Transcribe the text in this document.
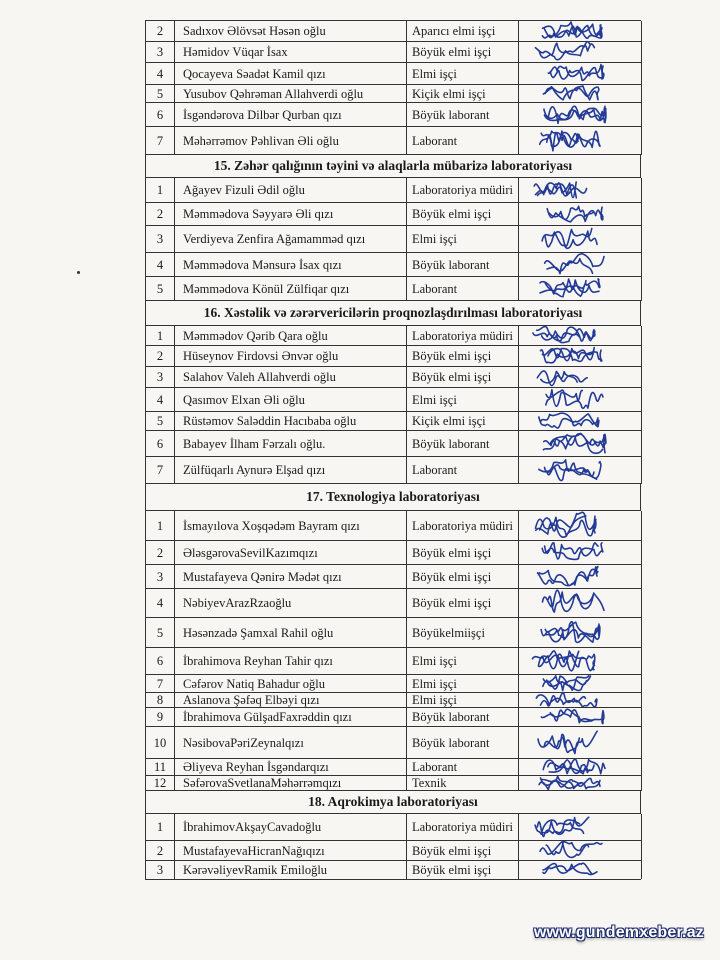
2	Sadıxov Əlövsət Həsən oğlu	Aparıcı elmi işçi
3	Həmidov Vüqar İsax	Böyük elmi işçi
4	Qocayeva Səadət Kamil qızı	Elmi işçi
5	Yusubov Qəhrəman Allahverdi oğlu	Kiçik elmi işçi
6	İsgəndərova Dilbər Qurban qızı	Böyük laborant
7	Məhərrəmov Pəhlivan Əli oğlu	Laborant
15. Zəhər qalığının təyini və alaqlarla mübarizə laboratoriyası
1	Ağayev Fizuli Ədil oğlu	Laboratoriya müdiri
2	Məmmədova Səyyarə Əli qızı	Böyük elmi işçi
3	Verdiyeva Zenfira Ağamamməd qızı	Elmi işçi
4	Məmmədova Mənsurə İsax qızı	Böyük laborant
5	Məmmədova Könül Zülfiqar qızı	Laborant
16. Xəstəlik və zərərvericilərin proqnozlaşdırılması laboratoriyası
1	Məmmədov Qərib Qara oğlu	Laboratoriya müdiri
2	Hüseynov Firdovsi Ənvər oğlu	Böyük elmi işçi
3	Salahov Valeh Allahverdi oğlu	Böyük elmi işçi
4	Qasımov Elxan Əli oğlu	Elmi işçi
5	Rüstəmov Saləddin Hacıbaba oğlu	Kiçik elmi işçi
6	Babayev İlham Fərzalı oğlu.	Böyük laborant
7	Zülfüqarlı Aynurə Elşad qızı	Laborant
17. Texnologiya laboratoriyası
1	İsmayılova Xoşqədəm Bayram qızı	Laboratoriya müdiri
2	ƏləsgərovaSevilKazımqızı	Böyük elmi işçi
3	Mustafayeva Qənirə Mədət qızı	Böyük elmi işçi
4	NəbiyevArazRzaoğlu	Böyük elmi işçi
5	Həsənzadə Şamxal Rahil oğlu	Böyükelmiişçi
6	İbrahimova Reyhan Tahir qızı	Elmi işçi
7	Cəfərov Natiq Bahadur oğlu	Elmi işçi
8	Aslanova Şəfəq Elbəyi qızı	Elmi işçi
9	İbrahimova GülşadFaxrəddin qızı	Böyük laborant
10	NəsibovaPəriZeynalqızı	Böyük laborant
11	Əliyeva Reyhan İsgəndarqızı	Laborant
12	SəfərovaSvetlanaMəhərrəmqızı	Texnik
18. Aqrokimya laboratoriyası
1	İbrahimovAkşayCavadoğlu	Laboratoriya müdiri
2	MustafayevaHicranNağıqızı	Böyük elmi işçi
3	KərəvəliyevRamik Emiloğlu	Böyük elmi işçi
www.gundemxeber.az
